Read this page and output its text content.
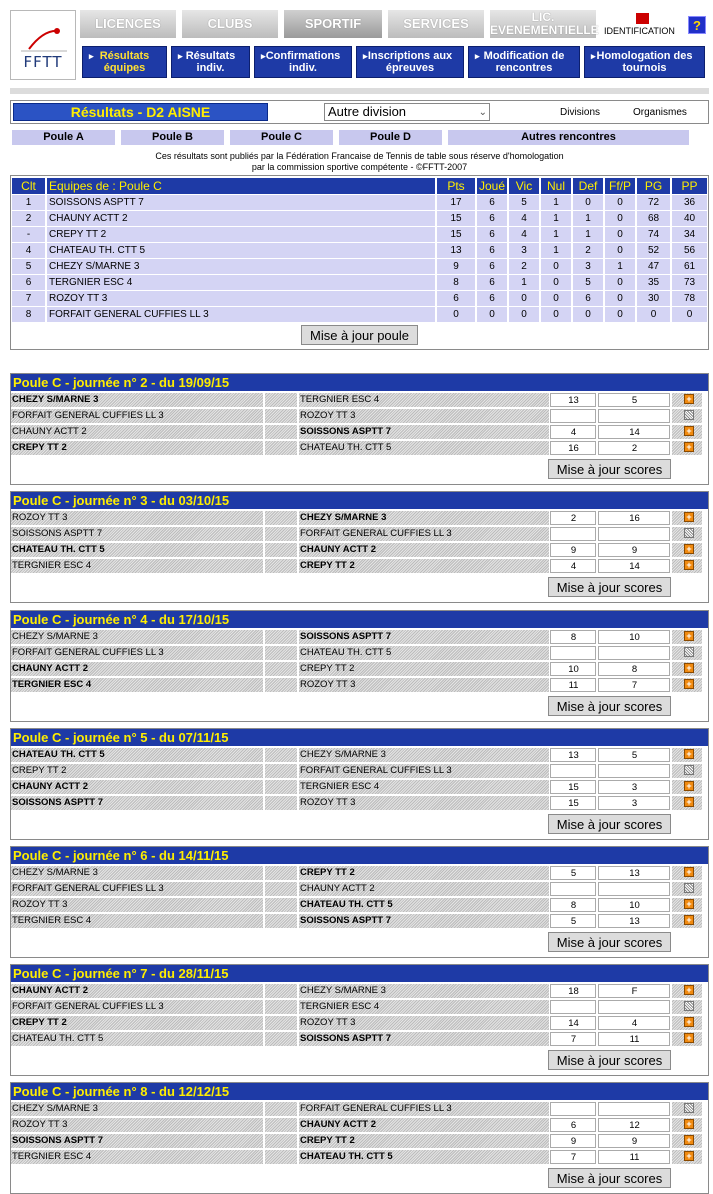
FFTT
LICENCES	CLUBS	SPORTIF	SERVICES	LIC. EVENEMENTIELLE IDENTIFICATION	?
▸ Résultats équipes
▸ Résultats indiv.
▸ Confirmations indiv.
▸ Inscriptions aux épreuves
▸ Modification de rencontres
▸ Homologation des tournois
Résultats - D2 AISNE	Autre division	⌄	Divisions	Organismes
Poule A	Poule B	Poule C	Poule D	Autres rencontres
Ces résultats sont publiés par la Fédération Francaise de Tennis de table sous réserve d'homologation
par la commission sportive compétente - ©FFTT-2007
Clt	Equipes de : Poule C	Pts	Joué Vic	Nul	Def Ff/P	PG	PP
1	SOISSONS ASPTT 7	17	6	5	1	0	0	72	36
2	CHAUNY ACTT 2	15	6	4	1	1	0	68	40
-	CREPY TT 2	15	6	4	1	1	0	74	34
4	CHATEAU TH. CTT 5	13	6	3	1	2	0	52	56
5	CHEZY S/MARNE 3	9	6	2	0	3	1	47	61
6	TERGNIER ESC 4	8	6	1	0	5	0	35	73
7	ROZOY TT 3	6	6	0	0	6	0	30	78
8	FORFAIT GENERAL CUFFIES LL 3	0	0	0	0	0	0	0	0
Mise à jour poule
Poule C - journée n° 2 - du 19/09/15
CHEZY S/MARNE 3	TERGNIER ESC 4	13	5	+
FORFAIT GENERAL CUFFIES LL 3	ROZOY TT 3
CHAUNY ACTT 2	SOISSONS ASPTT 7	4	14	+
CREPY TT 2	CHATEAU TH. CTT 5	16	2	+
Mise à jour scores
Poule C - journée n° 3 - du 03/10/15
ROZOY TT 3	CHEZY S/MARNE 3	2	16	+
SOISSONS ASPTT 7	FORFAIT GENERAL CUFFIES LL 3
CHATEAU TH. CTT 5	CHAUNY ACTT 2	9	9	+
TERGNIER ESC 4	CREPY TT 2	4	14	+
Mise à jour scores
Poule C - journée n° 4 - du 17/10/15
CHEZY S/MARNE 3	SOISSONS ASPTT 7	8	10	+
FORFAIT GENERAL CUFFIES LL 3	CHATEAU TH. CTT 5
CHAUNY ACTT 2	CREPY TT 2	10	8	+
TERGNIER ESC 4	ROZOY TT 3	11	7	+
Mise à jour scores
Poule C - journée n° 5 - du 07/11/15
CHATEAU TH. CTT 5	CHEZY S/MARNE 3	13	5	+
CREPY TT 2	FORFAIT GENERAL CUFFIES LL 3
CHAUNY ACTT 2	TERGNIER ESC 4	15	3	+
SOISSONS ASPTT 7	ROZOY TT 3	15	3	+
Mise à jour scores
Poule C - journée n° 6 - du 14/11/15
CHEZY S/MARNE 3	CREPY TT 2	5	13	+
FORFAIT GENERAL CUFFIES LL 3	CHAUNY ACTT 2
ROZOY TT 3	CHATEAU TH. CTT 5	8	10	+
TERGNIER ESC 4	SOISSONS ASPTT 7	5	13	+
Mise à jour scores
Poule C - journée n° 7 - du 28/11/15
CHAUNY ACTT 2	CHEZY S/MARNE 3	18	F	+
FORFAIT GENERAL CUFFIES LL 3	TERGNIER ESC 4
CREPY TT 2	ROZOY TT 3	14	4	+
CHATEAU TH. CTT 5	SOISSONS ASPTT 7	7	11	+
Mise à jour scores
Poule C - journée n° 8 - du 12/12/15
CHEZY S/MARNE 3	FORFAIT GENERAL CUFFIES LL 3
ROZOY TT 3	CHAUNY ACTT 2	6	12	+
SOISSONS ASPTT 7	CREPY TT 2	9	9	+
TERGNIER ESC 4	CHATEAU TH. CTT 5	7	11	+
Mise à jour scores
